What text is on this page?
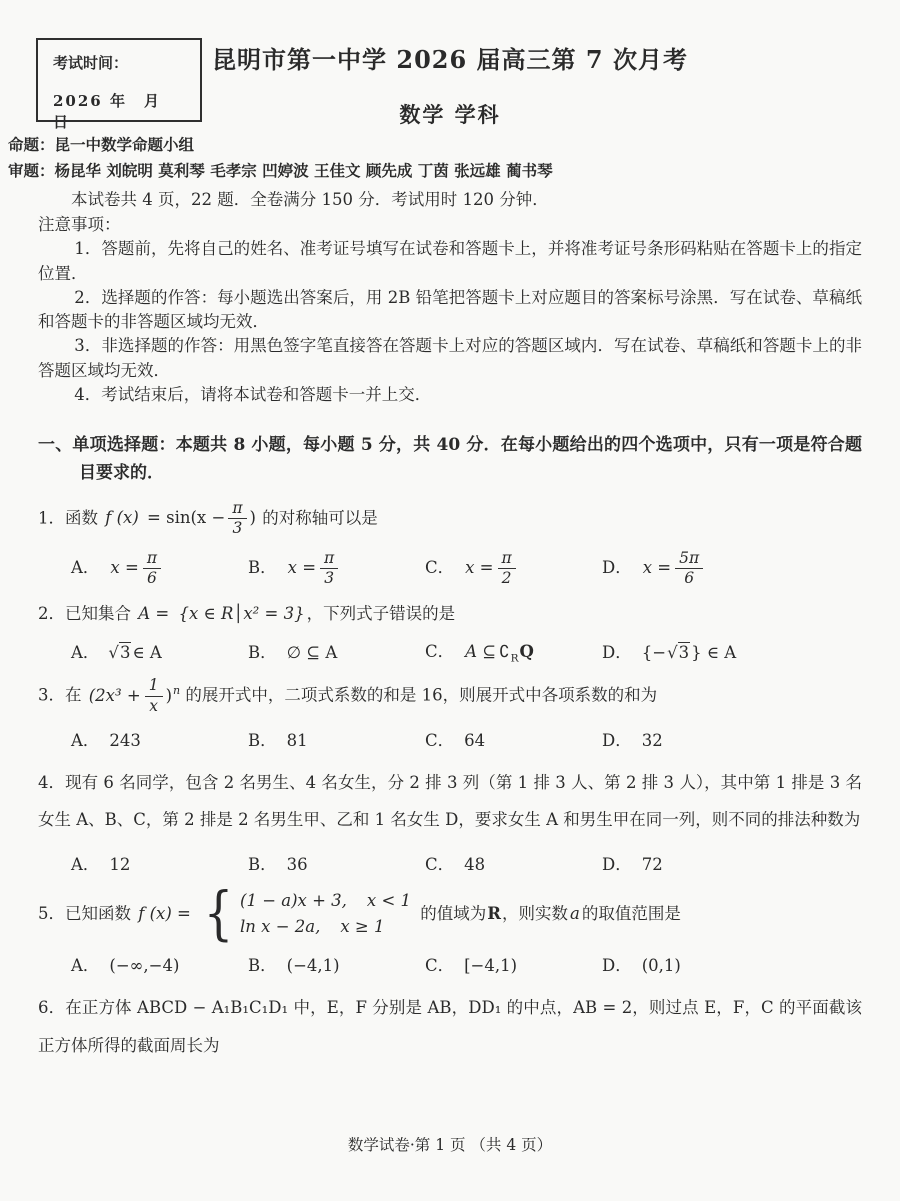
考试时间：
2026 年　月　 日
昆明市第一中学 2026 届高三第 7 次月考
数学 学科

命题：昆一中数学命题小组

审题：杨昆华 刘皖明 莫利琴 毛孝宗 凹婷波 王佳文 顾先成 丁茵 张远雄 蔺书琴

本试卷共 4 页，22 题．全卷满分 150 分．考试用时 120 分钟．

注意事项：

1．答题前，先将自己的姓名、准考证号填写在试卷和答题卡上，并将准考证号条形码粘贴在答题卡上的指定位置．

2．选择题的作答：每小题选出答案后，用 2B 铅笔把答题卡上对应题目的答案标号涂黑．写在试卷、草稿纸和答题卡的非答题区域均无效．

3．非选择题的作答：用黑色签字笔直接答在答题卡上对应的答题区域内．写在试卷、草稿纸和答题卡上的非答题区域均无效．

4．考试结束后，请将本试卷和答题卡一并上交．

一、单项选择题：本题共 8 小题，每小题 5 分，共 40 分．在每小题给出的四个选项中，只有一项是符合题目要求的．

1．函数 f $(x) = \sin(x - \frac{\pi}{3}$ ) 的对称轴可以是

A． $x = \frac{\pi}{6}$	B． $x = \frac{\pi}{3}$	C． $x = \frac{\pi}{2}$	D． $x = \frac{5\pi}{6}$

2．已知集合 A = {x ∈ R│x² = 3} ，下列式子错误的是

A． √3 ∈ A	B． ∅ ⊆ A	C． A ⊆ $∁_RQ$	D． {−√3 } ∈ A

3．在 $(2x^3 + \frac{1}{x} )^n$ 的展开式中，二项式系数的和是 16，则展开式中各项系数的和为

A． 243	B． 81	C． 64	D． 32

4．现有 6 名同学，包含 2 名男生、4 名女生，分 2 排 3 列（第 1 排 3 人、第 2 排 3 人），其中第 1 排是 3 名女生 A、B、C，第 2 排是 2 名男生甲、乙和 1 名女生 D，要求女生 A 和男生甲在同一列，则不同的排法种数为

A． 12	B． 36	C． 48	D． 72

5．已知函数 f (x) = { (1 − a)x + 3, x < 1
ln x − 2a, x ≥ 1
的值域为R，则实数 a 的取值范围是

A． (−∞,−4)	B． (−4,1)	C． [−4,1)	D． (0,1)

6．在正方体 ABCD − A₁B₁C₁D₁ 中，E，F 分别是 AB，DD₁ 的中点，AB = 2，则过点 E，F，C 的平面截该正方体所得的截面周长为

数学试卷·第 1 页 （共 4 页）
